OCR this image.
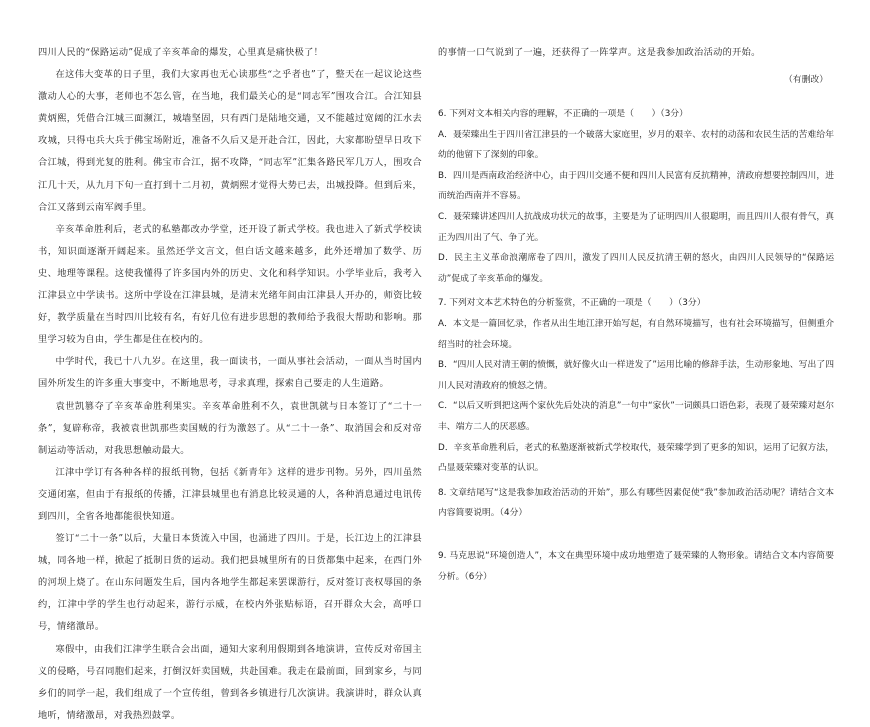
四川人民的“保路运动”促成了辛亥革命的爆发，心里真是痛快极了！

在这伟大变革的日子里，我们大家再也无心读那些“之乎者也”了，整天在一起议论这些激动人心的大事，老师也不怎么管，在当地，我们最关心的是“同志军”围攻合江。合江知县黄炳熙，凭借合江城三面濒江，城墙坚固，只有西门是陆地交通，又不能越过宽阔的江水去攻城，只得屯兵大兵于佛宝场附近，准备不久后又是开赴合江，因此，大家都盼望早日攻下合江城，得到光复的胜利。佛宝市合江，据不攻降，“同志军”汇集各路民军几万人，围攻合江几十天，从九月下旬一直打到十二月初，黄炳熙才觉得大势已去，出城投降。但到后来，合江又落到云南军阀手里。

辛亥革命胜利后，老式的私塾都改办学堂，还开设了新式学校。我也进入了新式学校读书，知识面逐渐开阔起来。虽然还学文言文，但白话文越来越多，此外还增加了数学、历史、地理等课程。这使我懂得了许多国内外的历史、文化和科学知识。小学毕业后，我考入江津县立中学读书。这所中学设在江津县城，是清末光绪年间由江津县人开办的，师资比较好，教学质量在当时四川比较有名，有好几位有进步思想的教师给予我很大帮助和影响。那里学习较为自由，学生都是住在校内的。

中学时代，我已十八九岁。在这里，我一面读书，一面从事社会活动，一面从当时国内国外所发生的许多重大事变中，不断地思考，寻求真理，探索自己要走的人生道路。

袁世凯篡夺了辛亥革命胜利果实。辛亥革命胜利不久，袁世凯就与日本签订了“二十一条”，复辟称帝，我被袁世凯那些卖国贼的行为激怒了。从“二十一条”、取消国会和反对帝制运动等活动，对我思想触动最大。

江津中学订有各种各样的报纸刊物，包括《新青年》这样的进步刊物。另外，四川虽然交通闭塞，但由于有报纸的传播，江津县城里也有消息比较灵通的人，各种消息通过电讯传到四川，全省各地都能很快知道。

签订“二十一条”以后，大量日本货流入中国，也涌进了四川。于是，长江边上的江津县城，同各地一样，掀起了抵制日货的运动。我们把县城里所有的日货都集中起来，在西门外的河坝上烧了。在山东问题发生后，国内各地学生都起来罢课游行，反对签订丧权辱国的条约，江津中学的学生也行动起来，游行示威，在校内外张贴标语，召开群众大会，高呼口号，情绪激昂。

寒假中，由我们江津学生联合会出面，通知大家利用假期到各地演讲，宣传反对帝国主义的侵略，号召同胞们起来，打倒汉奸卖国贼，共赴国难。我走在最前面，回到家乡，与同乡们的同学一起，我们组成了一个宣传组，曾到各乡镇进行几次演讲。我演讲时，群众认真地听，情绪激昂，对我热烈鼓掌。

的事情一口气说到了一遍，还获得了一阵掌声。这是我参加政治活动的开始。

（有删改）

6. 下列对文本相关内容的理解，不正确的一项是（　　）（3分）

A．聂荣臻出生于四川省江津县的一个破落大家庭里，岁月的艰辛、农村的动荡和农民生活的苦难给年幼的他留下了深刻的印象。

B．四川是西南政治经济中心，由于四川交通不便和四川人民富有反抗精神，清政府想要控制四川，进而统治西南并不容易。

C．聂荣臻讲述四川人抗战成功状元的故事，主要是为了证明四川人很聪明，而且四川人很有骨气，真正为四川出了气、争了光。

D．民主主义革命浪潮席卷了四川，激发了四川人民反抗清王朝的怒火，由四川人民领导的“保路运动”促成了辛亥革命的爆发。

7. 下列对文本艺术特色的分析鉴赏，不正确的一项是（　　）（3分）

A．本文是一篇回忆录，作者从出生地江津开始写起，有自然环境描写，也有社会环境描写，但侧重介绍当时的社会环境。

B．“四川人民对清王朝的愤慨，就好像火山一样迸发了”运用比喻的修辞手法，生动形象地、写出了四川人民对清政府的愤怒之情。

C．“以后又听到把这两个家伙先后处决的消息”一句中“家伙”一词颇具口语色彩，表现了聂荣臻对赵尔丰、端方二人的厌恶感。

D．辛亥革命胜利后，老式的私塾逐渐被新式学校取代，聂荣臻学到了更多的知识，运用了记叙方法，凸显聂荣臻对变革的认识。

8. 文章结尾写“这是我参加政治活动的开始”，那么有哪些因素促使“我”参加政治活动呢？请结合文本内容简要说明。（4分）

9. 马克思说“环境创造人”，本文在典型环境中成功地塑造了聂荣臻的人物形象。请结合文本内容简要分析。（6分）
